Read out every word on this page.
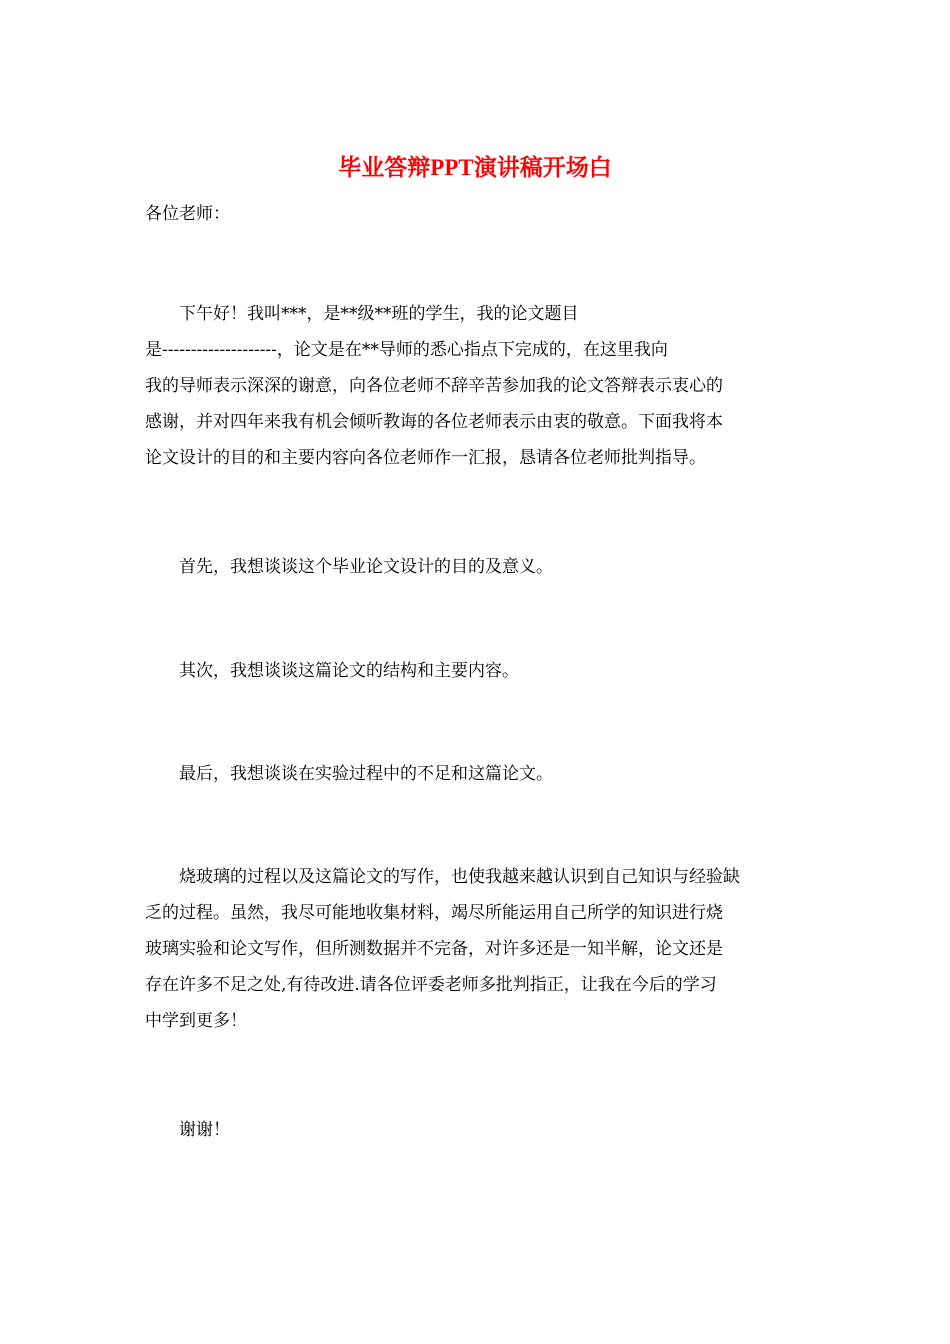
毕业答辩PPT演讲稿开场白

各位老师：

　　下午好！我叫***，是**级**班的学生，我的论文题目
是--------------------，论文是在**导师的悉心指点下完成的，在这里我向
我的导师表示深深的谢意，向各位老师不辞辛苦参加我的论文答辩表示衷心的
感谢，并对四年来我有机会倾听教诲的各位老师表示由衷的敬意。下面我将本
论文设计的目的和主要内容向各位老师作一汇报，恳请各位老师批判指导。
　　首先，我想谈谈这个毕业论文设计的目的及意义。
　　其次，我想谈谈这篇论文的结构和主要内容。
　　最后，我想谈谈在实验过程中的不足和这篇论文。
　　烧玻璃的过程以及这篇论文的写作，也使我越来越认识到自己知识与经验缺
乏的过程。虽然，我尽可能地收集材料，竭尽所能运用自己所学的知识进行烧
玻璃实验和论文写作，但所测数据并不完备，对许多还是一知半解，论文还是
存在许多不足之处,有待改进.请各位评委老师多批判指正，让我在今后的学习
中学到更多！
　　谢谢！
